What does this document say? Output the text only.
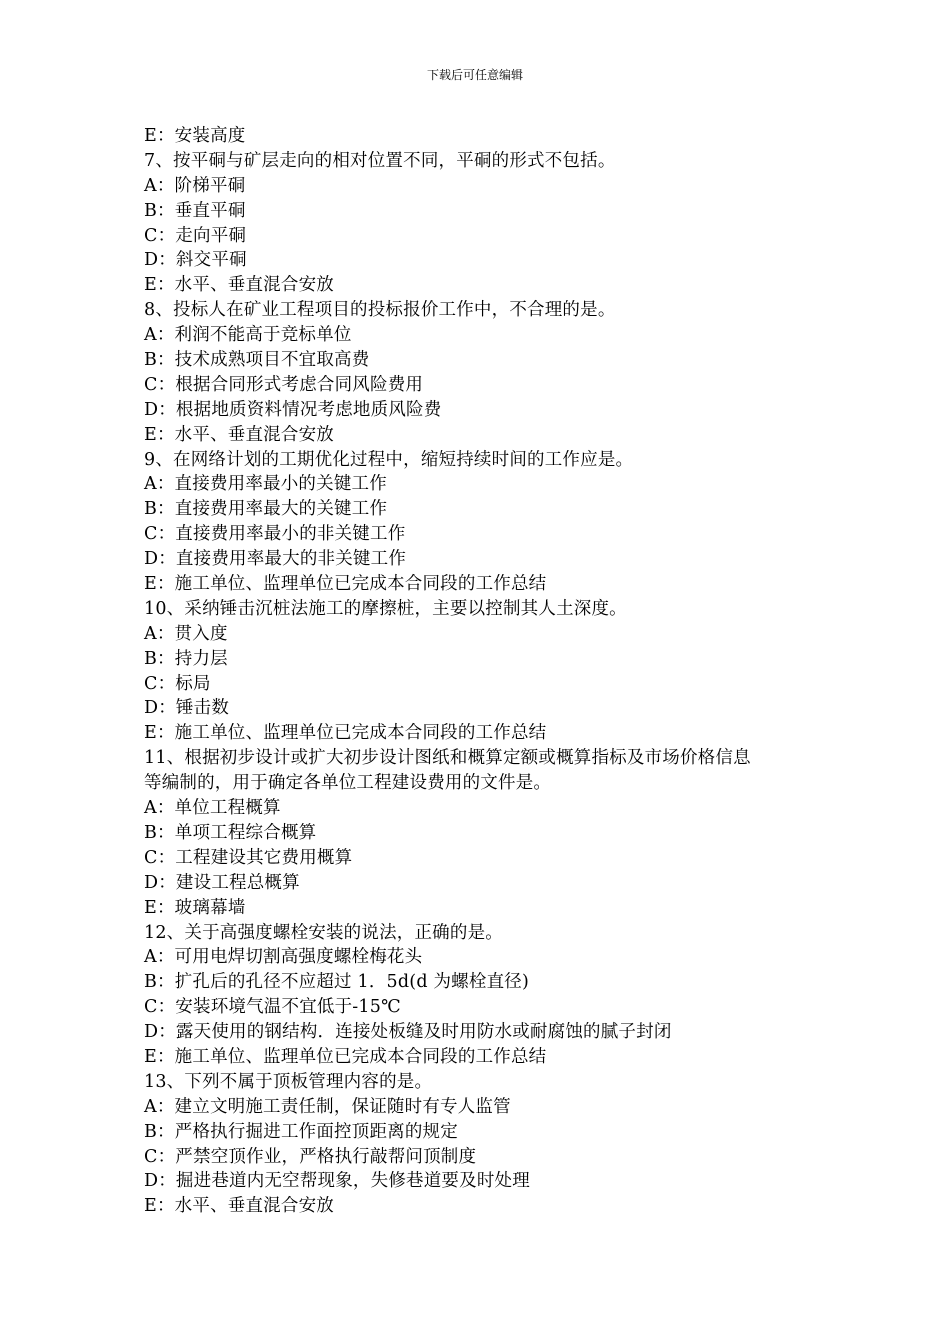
下载后可任意编辑
E：安装高度
7、按平硐与矿层走向的相对位置不同，平硐的形式不包括。
A：阶梯平硐
B：垂直平硐
C：走向平硐
D：斜交平硐
E：水平、垂直混合安放
8、投标人在矿业工程项目的投标报价工作中，不合理的是。
A：利润不能高于竞标单位
B：技术成熟项目不宜取高费
C：根据合同形式考虑合同风险费用
D：根据地质资料情况考虑地质风险费
E：水平、垂直混合安放
9、在网络计划的工期优化过程中，缩短持续时间的工作应是。
A：直接费用率最小的关键工作
B：直接费用率最大的关键工作
C：直接费用率最小的非关键工作
D：直接费用率最大的非关键工作
E：施工单位、监理单位已完成本合同段的工作总结
10、采纳锤击沉桩法施工的摩擦桩，主要以控制其人土深度。
A：贯入度
B：持力层
C：标局
D：锤击数
E：施工单位、监理单位已完成本合同段的工作总结
11、根据初步设计或扩大初步设计图纸和概算定额或概算指标及市场价格信息
等编制的，用于确定各单位工程建设费用的文件是。
A：单位工程概算
B：单项工程综合概算
C：工程建设其它费用概算
D：建设工程总概算
E：玻璃幕墙
12、关于高强度螺栓安装的说法，正确的是。
A：可用电焊切割高强度螺栓梅花头
B：扩孔后的孔径不应超过 1．5d(d 为螺栓直径)
C：安装环境气温不宜低于-15℃
D：露天使用的钢结构．连接处板缝及时用防水或耐腐蚀的腻子封闭
E：施工单位、监理单位已完成本合同段的工作总结
13、下列不属于顶板管理内容的是。
A：建立文明施工责任制，保证随时有专人监管
B：严格执行掘进工作面控顶距离的规定
C：严禁空顶作业，严格执行敲帮问顶制度
D：掘进巷道内无空帮现象，失修巷道要及时处理
E：水平、垂直混合安放
